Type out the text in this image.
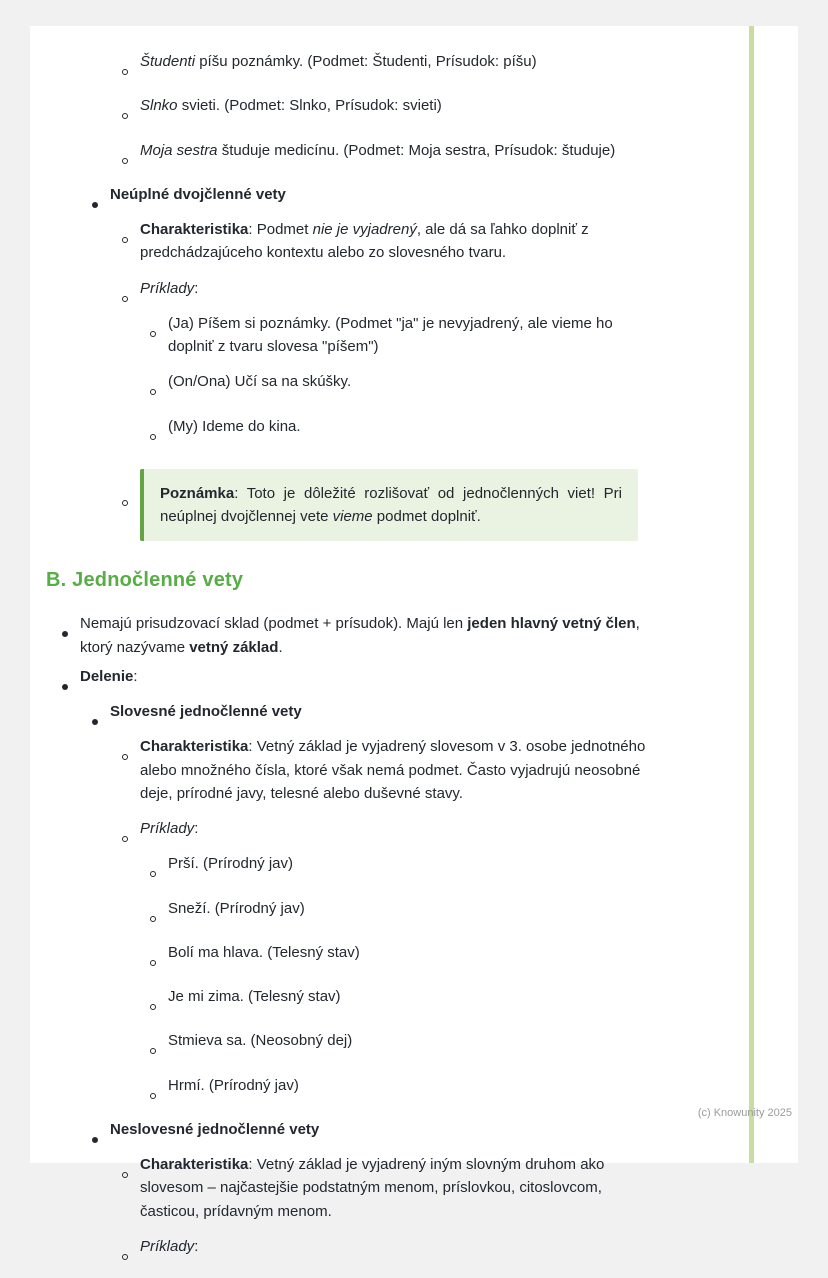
Študenti píšu poznámky. (Podmet: Študenti, Prísudok: píšu)
Slnko svieti. (Podmet: Slnko, Prísudok: svieti)
Moja sestra študuje medicínu. (Podmet: Moja sestra, Prísudok: študuje)
Neúplné dvojčlenné vety
Charakteristika: Podmet nie je vyjadrený, ale dá sa ľahko doplniť z predchádzajúceho kontextu alebo zo slovesného tvaru.
Príklady:
(Ja) Píšem si poznámky. (Podmet "ja" je nevyjadrený, ale vieme ho doplniť z tvaru slovesa "píšem")
(On/Ona) Učí sa na skúšky.
(My) Ideme do kina.
Poznámka: Toto je dôležité rozlišovať od jednočlenných viet! Pri neúplnej dvojčlennej vete vieme podmet doplniť.
B. Jednočlenné vety
Nemajú prisudzovací sklad (podmet + prísudok). Majú len jeden hlavný vetný člen, ktorý nazývame vetný základ.
Delenie:
Slovesné jednočlenné vety
Charakteristika: Vetný základ je vyjadrený slovesom v 3. osobe jednotného alebo množného čísla, ktoré však nemá podmet. Často vyjadrujú neosobné deje, prírodné javy, telesné alebo duševné stavy.
Príklady:
Prší. (Prírodný jav)
Sneží. (Prírodný jav)
Bolí ma hlava. (Telesný stav)
Je mi zima. (Telesný stav)
Stmieva sa. (Neosobný dej)
Hrmí. (Prírodný jav)
Neslovesné jednočlenné vety
Charakteristika: Vetný základ je vyjadrený iným slovným druhom ako slovesom – najčastejšie podstatným menom, príslovkou, citoslovcom, časticou, prídavným menom.
Príklady:
(c) Knowunity 2025
